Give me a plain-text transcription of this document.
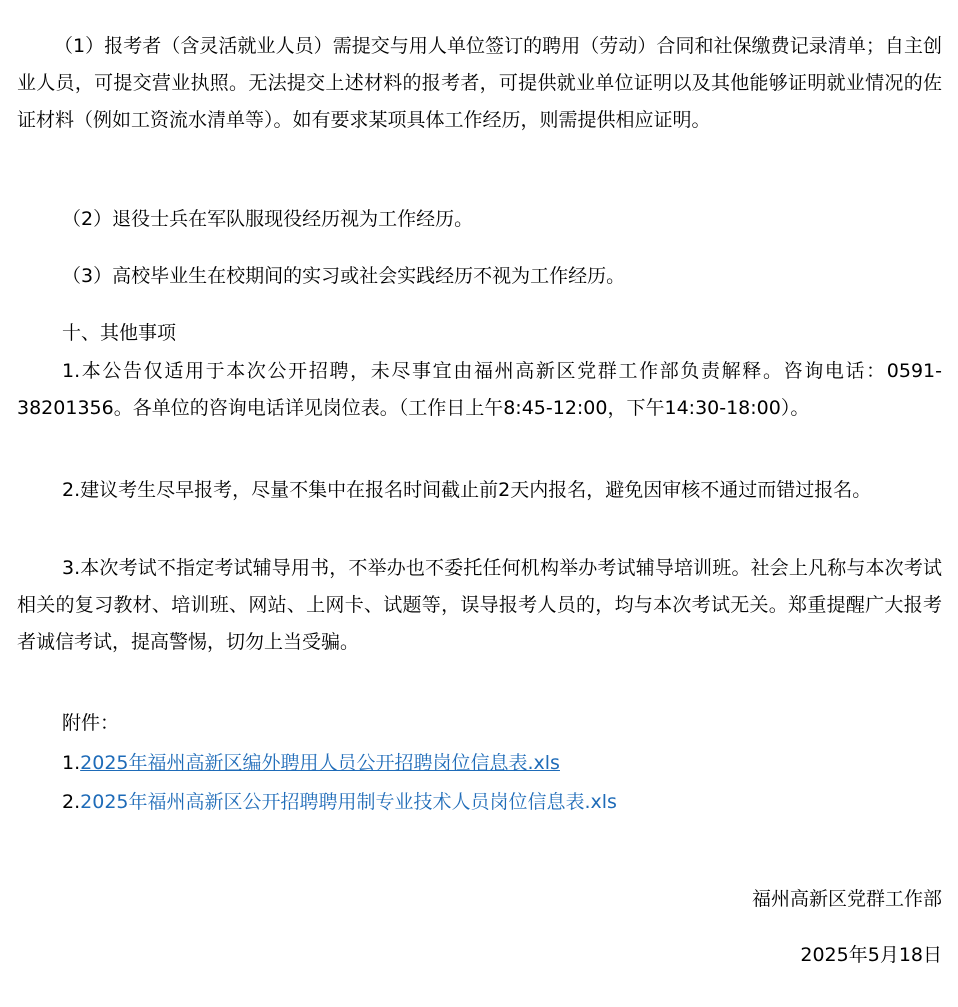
（1）报考者（含灵活就业人员）需提交与用人单位签订的聘用（劳动）合同和社保缴费记录清单；自主创业人员，可提交营业执照。无法提交上述材料的报考者，可提供就业单位证明以及其他能够证明就业情况的佐证材料（例如工资流水清单等）。如有要求某项具体工作经历，则需提供相应证明。

（2）退役士兵在军队服现役经历视为工作经历。

（3）高校毕业生在校期间的实习或社会实践经历不视为工作经历。

十、其他事项

1.本公告仅适用于本次公开招聘，未尽事宜由福州高新区党群工作部负责解释。咨询电话：0591-38201356。各单位的咨询电话详见岗位表。（工作日上午8:45-12:00，下午14:30-18:00）。

2.建议考生尽早报考，尽量不集中在报名时间截止前2天内报名，避免因审核不通过而错过报名。

3.本次考试不指定考试辅导用书，不举办也不委托任何机构举办考试辅导培训班。社会上凡称与本次考试相关的复习教材、培训班、网站、上网卡、试题等，误导报考人员的，均与本次考试无关。郑重提醒广大报考者诚信考试，提高警惕，切勿上当受骗。

附件：

1.2025年福州高新区编外聘用人员公开招聘岗位信息表.xls

2.2025年福州高新区公开招聘聘用制专业技术人员岗位信息表.xls

福州高新区党群工作部

2025年5月18日
